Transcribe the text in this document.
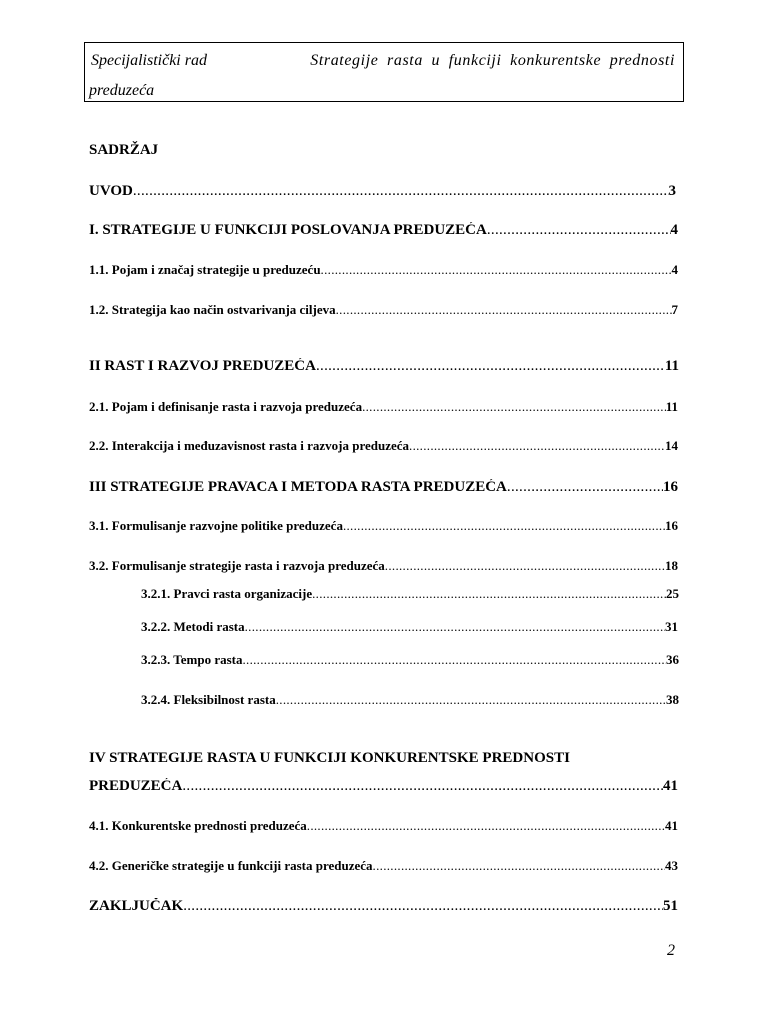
Specijalistički rad	Strategije rasta u funkciji konkurentske prednosti
preduzeća
SADRŽAJ
UVOD .....	3
I. STRATEGIJE U FUNKCIJI POSLOVANJA PREDUZEĆA .....	4
1.1. Pojam i značaj strategije u preduzeću .....	4
1.2. Strategija kao način ostvarivanja ciljeva .....	7
II RAST I RAZVOJ PREDUZEĆA .....	11
2.1. Pojam i definisanje rasta i razvoja preduzeća .....	11
2.2. Interakcija i međuzavisnost rasta i razvoja preduzeća .....	14
III STRATEGIJE PRAVACA I METODA RASTA PREDUZEĆA .....	16
3.1. Formulisanje razvojne politike preduzeća .....	16
3.2. Formulisanje strategije rasta i razvoja preduzeća .....	18
3.2.1. Pravci rasta organizacije .....	25
3.2.2. Metodi rasta .....	31
3.2.3. Tempo rasta .....	36
3.2.4. Fleksibilnost rasta .....	38
IV STRATEGIJE RASTA U FUNKCIJI KONKURENTSKE PREDNOSTI
PREDUZEĆA .....	41
4.1. Konkurentske prednosti preduzeća .....	41
4.2. Generičke strategije u funkciji rasta preduzeća .....	43
ZAKLJUČAK .....	51
2
